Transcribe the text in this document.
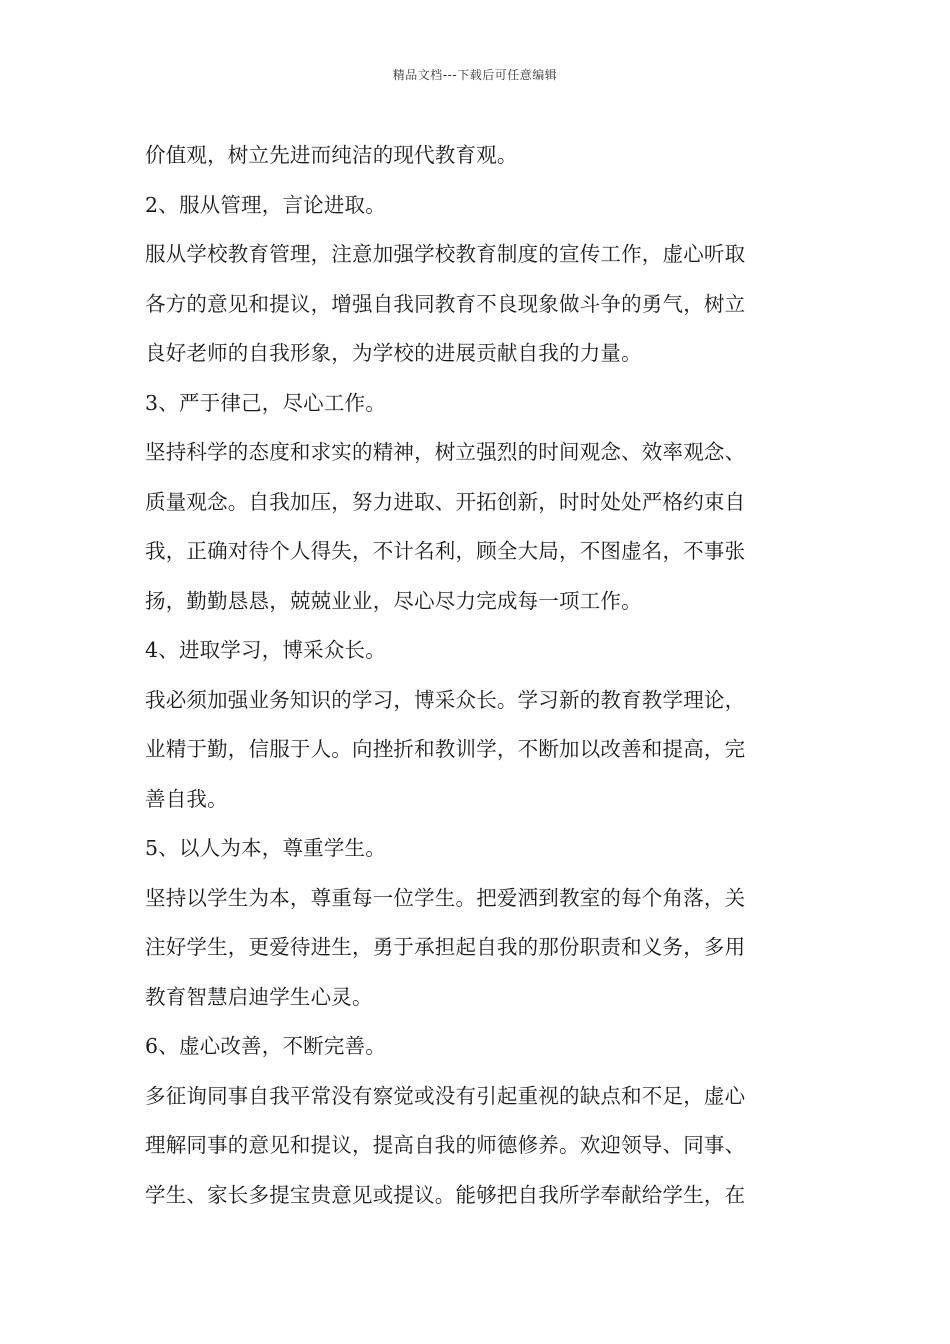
精品文档---下载后可任意编辑
价值观，树立先进而纯洁的现代教育观。
2、服从管理，言论进取。
服从学校教育管理，注意加强学校教育制度的宣传工作，虚心听取
各方的意见和提议，增强自我同教育不良现象做斗争的勇气，树立
良好老师的自我形象，为学校的进展贡献自我的力量。
3、严于律己，尽心工作。
坚持科学的态度和求实的精神，树立强烈的时间观念、效率观念、
质量观念。自我加压，努力进取、开拓创新，时时处处严格约束自
我，正确对待个人得失，不计名利，顾全大局，不图虚名，不事张
扬，勤勤恳恳，兢兢业业，尽心尽力完成每一项工作。
4、进取学习，博采众长。
我必须加强业务知识的学习，博采众长。学习新的教育教学理论，
业精于勤，信服于人。向挫折和教训学，不断加以改善和提高，完
善自我。
5、以人为本，尊重学生。
坚持以学生为本，尊重每一位学生。把爱洒到教室的每个角落，关
注好学生，更爱待进生，勇于承担起自我的那份职责和义务，多用
教育智慧启迪学生心灵。
6、虚心改善，不断完善。
多征询同事自我平常没有察觉或没有引起重视的缺点和不足，虚心
理解同事的意见和提议，提高自我的师德修养。欢迎领导、同事、
学生、家长多提宝贵意见或提议。能够把自我所学奉献给学生，在
